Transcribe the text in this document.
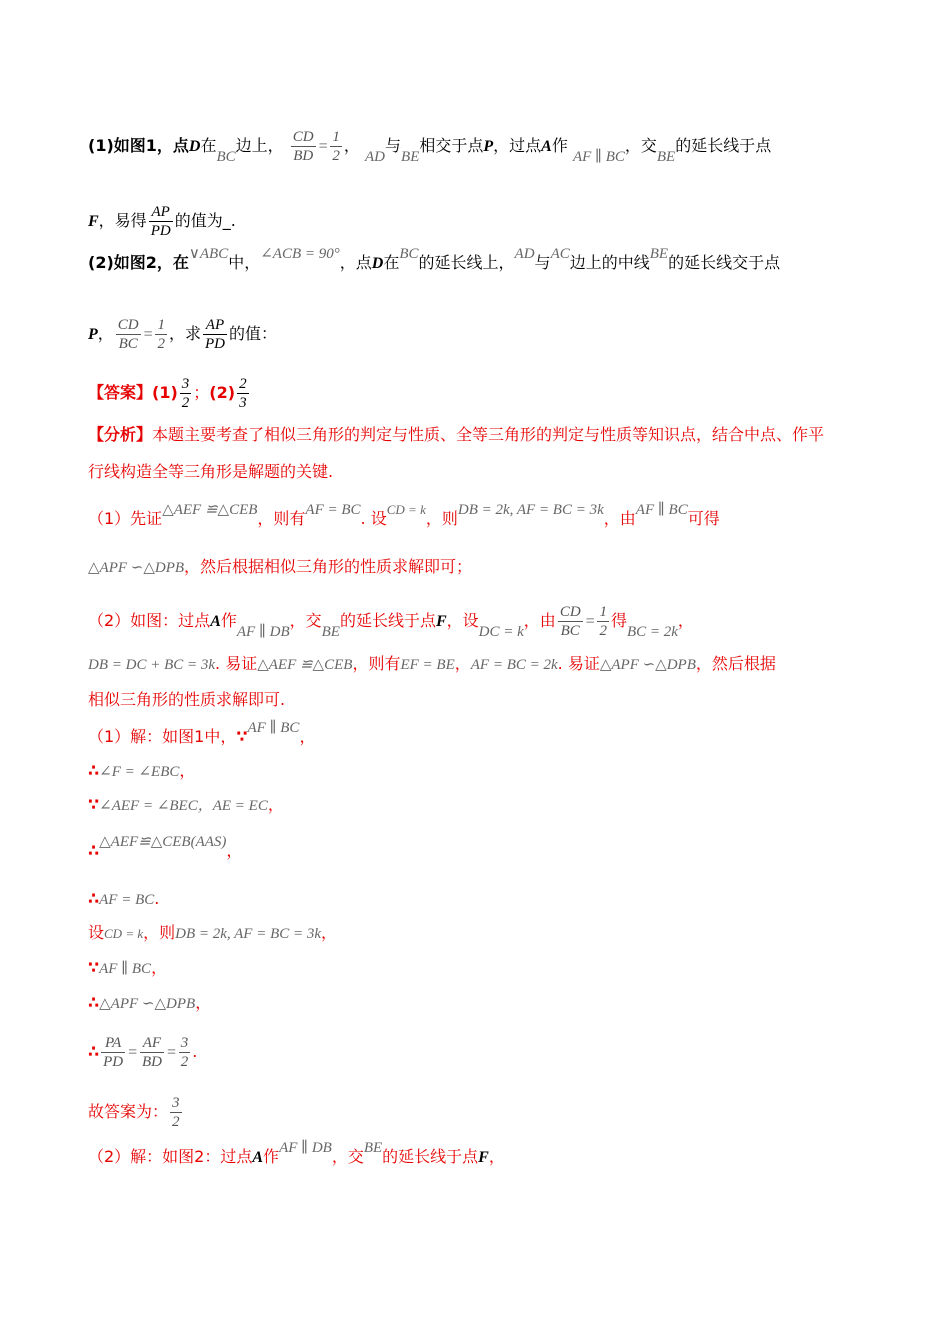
(1)如图1，点D在BC边上， $\frac{CD}{BD} = \frac{1}{2}$ ， AD与BE相交于点P，过点A作 AF ∥ BC，交BE的延长线于点
F，易得 $\frac{AP}{PD}$ 的值为_.
(2)如图2，在∨ABC中，∠ACB = 90°，点D在BC的延长线上，AD与AC边上的中线BE的延长线交于点
P， $\frac{CD}{BC} = \frac{1}{2}$ ，求 $\frac{AP}{PD}$ 的值：
【答案】$(1) \frac{3}{2}$ ；$(2) \frac{2}{3}$
【分析】本题主要考查了相似三角形的判定与性质、全等三角形的判定与性质等知识点，结合中点、作平
行线构造全等三角形是解题的关键.
（1）先证△AEF ≌△CEB，则有AF = BC. 设$^{CD = k}$，则DB = 2k, AF = BC = 3k，由AF ∥ BC可得
△APF ∽△DPB，然后根据相似三角形的性质求解即可；
（2）如图：过点A作AF ∥ DB，交BE的延长线于点F，设DC = k，由 $\frac{CD}{BC} = \frac{1}{2}$ 得BC = 2k，
DB = DC + BC = 3k. 易证△AEF ≌△CEB，则有EF = BE，AF = BC = 2k. 易证△APF ∽△DPB，然后根据
相似三角形的性质求解即可.
（1）解：如图1中，∵AF ∥ BC，
∴∠F = ∠EBC，
∵∠AEF = ∠BEC，AE = EC，
∴△AEF≌△CEB(AAS)，
∴AF = BC.
设CD = k，则DB = 2k, AF = BC = 3k，
∵AF ∥ BC，
∴△APF ∽△DPB，
∴ $\frac{PA}{PD} = \frac{AF}{BD} = \frac{3}{2}$ .
故答案为： $\frac{3}{2}$
（2）解：如图2：过点A作AF ∥ DB，交BE的延长线于点F，
